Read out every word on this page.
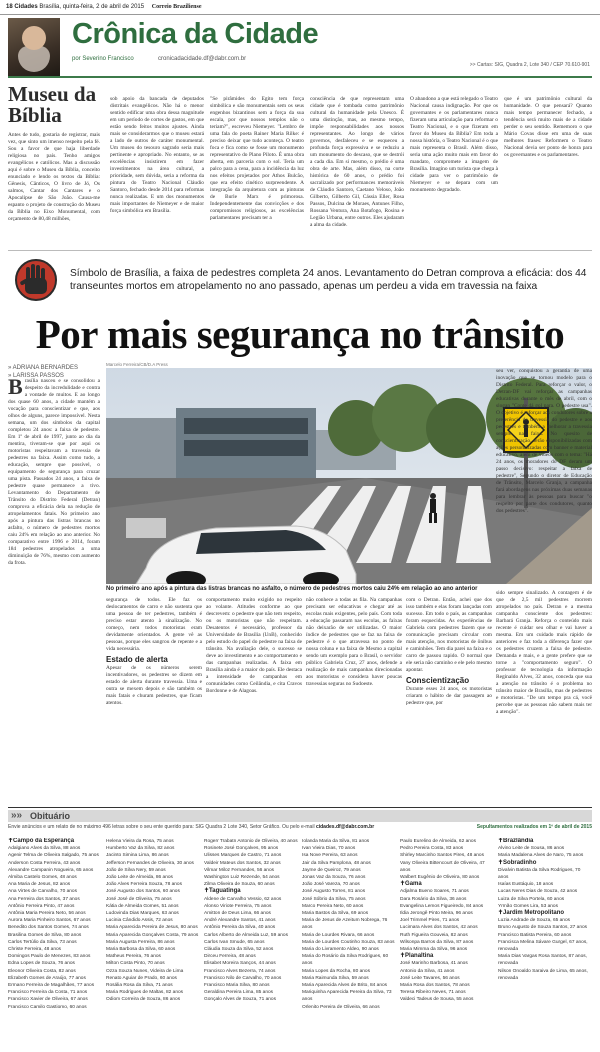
18 Cidades Brasília, quinta-feira, 2 de abril de 2015 Correio Braziliense
Crônica da Cidade
por Severino Francisco	cronicadacidade.df@dabr.com.br
>> Cartas: SIG, Quadra 2, Lote 340 / CEP 70.610-901
Museu da Bíblia
Antes de tudo, gostaria de registrar, mais vez, que sinto um imenso respeito pela fé. Sou a favor de que haja liberdade religiosa no país. Tenho amigos evangélicos e católicos. Mas a discussão aqui é sobre o Museu da Bíblia, conceito enunciado e lendo os textos da Bíblia: Gênesis, Cânticos, O livro de Jó, Os salmos, Cantar dos Cantares e o Apocalipse de São João. Causa-me espanto o projeto de construção do Museu da Bíblia no Eixo Monumental, com orçamento de 80,48 milhões,
sob apoio da bancada de deputados distritais evangélicos. Não há o menor sentido edificar uma obra dessa magnitude em um período de cortes de gastos, em que estão sendo feitos muitos ajustes. Ainda mais se considerarmos que o museu estará a lado de outros de caráter monumental. Um museu do tesouro sagrado seria mais pertinente e apropriado. No entanto, se as excelências insistirem em fazer investimentos na área cultural, a prioridade, sem dúvida, seria a reforma da pintura do Teatro Nacional Cláudio Santoro, fechado desde 2014 para reformas nunca realizadas. E um dos monumentos mais importantes de Niemeyer e de maior força simbólica em Brasília.
"Se pirâmides do Egito tem força simbólica e são monumentais sem os seus engenhos bizantinos sem a força da sua escala, por que nossos templos não o teriam?", escreveu Niemeyer. "Lembro de uma fala do poeta Rainer Maria Rilke: é preciso deixar que tudo aconteça. O teatro foca e fica como se fosse um monumento representativo do Plano Piloto. É uma obra aberta, em parceria com o sol. Teria um palco para a cena, para a incidência da luz nos efeitos projetados por Athos Bulcão, que era efeito cinético surpreendente. A integração da arquitetura com as pinturas de Burle Marx é primorosa. Independentemente das convicções e dos compromissos religiosos, as excelências parlamentares precisam ter a
consciência de que representam uma cidade que é tombada como patrimônio cultural da humanidade pela Unesco. É uma distinção, mas, ao mesmo tempo, impõe responsabilidades aos nossos representantes. Ao longo de vários governos, desfaleceu e se esqueceu a profunda força expressiva e se reduziu a um monumento do descaso, que se destrói a cada dia. Em si mesmo, o prédio é uma obra de arte. Mas, além disso, na corte histórica de 60 anos, o prédio foi sacralizado por performances memoráveis de Cláudio Santoro, Caetano Veloso, João Gilberto, Gilberto Gil, Cássia Eller, Rosa Passos, Dulcina de Moraes, Antunes Filho, Rossana Ventura, Ana Botafogo, Rosina e Legião Urbana, entre outros. Eles ajudaram a alma da cidade.
O abandono a que está relegado o Teatro Nacional causa indignação. Por que os governantes e os parlamentares nunca fizeram uma articulação para reformar o Teatro Nacional, e o que fizeram em favor do Museu da Bíblia? Em toda a nossa história, o Teatro Nacional é o que mais representa o Brasil. Além disso, seria uma ação muito mais em favor do mandato, compromete a imagem de Brasília. Imagino um turista que chega à cidade para ver o patrimônio de Niemeyer e se depara com um monumento degradado.
que é um patrimônio cultural da humanidade. O que pensará? Quanto mais tempo permanecer fechado, a tendência será muito mais de a cidade perder o seu sentido. Rememoro o que Mário Covas disse em uma de suas melhores frases: Reformem o Teatro Nacional devia ser ponto de honra para os governantes e os parlamentares.
Símbolo de Brasília, a faixa de pedestres completa 24 anos. Levantamento do Detran comprova a eficácia: dos 44 transeuntes mortos em atropelamento no ano passado, apenas um perdeu a vida em travessia na faixa
Por mais segurança no trânsito
» ADRIANA BERNARDES
» LARISSA PASSOS
Brasília nasceu e se consolidou a despeito da incredulidade e contra a vontade de muitos. E ao longo dos quase 60 anos, a cidade mantém a vocação para conscientizar e que, aos olhos de alguns, parece impossível. Nesta semana, um dos símbolos da capital completou 24 anos: a faixa de pedestre. Em 1º de abril de 1997, junto ao dia da mentira, tiveram-se que por aqui os motoristas respeitavam a travessia de pedestres na faixa. Assim como tudo, a educação, sempre que possível, o equipamento de segurança para cruzar uma pista. Passados 24 anos, a faixa de pedestre quase permanece a tivo. Levantamento do Departamento de Trânsito do Distrito Federal (Detran) comprova a eficácia dela na redução de atropelamentos fatais. No primeiro ano após a pintura das listras brancas no asfalto, o número de pedestres mortos caiu 24% em relação ao ano anterior. No comparativo entre 1996 e 2014, foram 184 pedestres atropelados a uma diminuição de 76%, mesmo com aumento da frota.
Marcelo Ferreira/CB/D.A Press
No primeiro ano após a pintura das listras brancas no asfalto, o número de pedestres mortos caiu 24% em relação ao ano anterior
seu ver, conquistou a gerantia de uma inovação que se tornou modelo para o Distrito Federal. Para reforçar o valor, o Detran-DF vai reforçar as campanhas educativas durante o mês de abril, com o slogan "Conte dá gol para. O pedestre usa". O objetivo é reforçar aos condutores sobre a preferência de travessia do pedestre e aos pedestres e também a melhorar a travessia sempre na faixa. No quesito de conscientização, serão disponibilizadas com ações personalizadas com banner e material educativo, além de vídeos com o tema: "Há 24 anos, os moradores do DF deram um passo decisivo: respeitar a faixa de pedestre", Segundo o diretor de Educação de Trânsito, Marcelo Granja, a campanha fará abordagens nas próximas duas semanas para lembrar às pessoas para buscar "o respeito por parte dos condutores, quanto dos pedestres".
segurança de todos. Ele faz os deslocamentos de carro e não sustenta que uma pessoa de ter pedestres, também é preciso estar atento à sinalização. No começo, nem todos motoristas eram devidamente orientados. A gente vê as pessoas, porque eles sangrou de repente e a vida necessária.
Estado de alerta
Apesar de os números serem incentivadores, os pedestres se dizem em estado de alerta durante travessia. Uma e outra se mexem depois e são também os mais fatais e churam pedestres, que ficam atentos.
comportamento muito exigido no respeito ao volante. Atitudes conforme ao que descrevem: o pedestre que não tem respeito, ou os motoristas que não respeitam. Desatentos é necessário, professor da Universidade de Brasília (UnB), conhecido pelo estudo do papel do pedestre na faixa de trânsito. Na avaliação dele, o sucesso se deve ao investimento e ao comportamento e das campanhas realizadas. A faixa em Brasília ainda é a maior do país. Ele destaca a intensidade de campanhas em comunidades como Ceilândia, e cita Cravos Bordonne e de Alagoas.
não conhece a todas as fila. Na campanhas precisam ser educativas e chegar até as escolas mais exigentes, pelo país. Com toda a educação passaram nas escolas, as faixas não deixarão de ser utilizadas. O maior índice de pedestres que se faz na faixa de pedestre é o que atravessa no ponto de nossa coluna e na faixa de Mesmo a capital sendo um exemplo para o Brasil, o servidor público Gabriela Cruz, 27 anos, defende a realização de mais campanhas direcionadas aos motoristas e considera haver poucas travessias seguras no Sudoeste.
com o Detran. Então, achei que dos isso também e elas foram lançadas com sucesso. Em todo o país, as campanhas foram esquecidas. As experiências de Gabriela com pedestres fazem que se comunicação precisam circular com mais atenção, nos motoristas de ônibus e caminhões. Tem dia parei na faixa e o carro de passou rapido. O normal que ele seria não caminho e ele pelo mesmo apontar.
Conscientização
Durante esses 24 anos, os motoristas criaram o hábito de dar passagem ao pedestre que, por
sido sempre sinalizado. A contagem é de que de 2,5 mil pedestres morrem atropelados no país. Detran e a mesma campanha consciente dos pedestres: Barbará Granja. Reforça o conteúdo mais recente é cuidar seu olhar e vai haver a mesma. Em um cuidado mais rápido de anteriores e faz toda a diferença fazer que os pedestres cruzem a faixa de pedestre. Demanda e mais, e a gente prefere que se torne a "comportamento seguro". O professor de tecnologia da informação Reginaldo Alves, 32 anos, conceda que sua a atenção no trânsito é o problema no trânsito maior de Brasília, mas de pedestres e motoristas. "De um tempo pra cá, você percebe que as pessoas não sabem mais ter a atenção".
»» Obituário
Envie anúncios e um relato de no máximo 496 letras sobre o seu ente querido para: SIG Quadra 2 Lote 340, Setor Gráfico. Ou pelo e-mail cidades.df@dabr.com.br	Sepultamentos realizados em 1º de abril de 2015
✝ Campo da Esperança
Adalgiano Alves da Silva, 88 anos
Agenir Telma de Oliveira Salgado, 75 anos
Anderson Costa Ferreira, 43 anos
Alexandre Campanin Nogueira, 65 anos
Almiba Castelo Gomes, 48 anos
Ana Maria de Jesus, 82 anos
Ana Virtes de Carvalho, 70 anos
Ana Ferreira dos Santos, 37 anos
Antônio Ferreira Pinto, 47 anos
Antônia Maria Pereira Neto, 56 anos
Aurora Maria Pinheiro Santos, 67 anos
Benedito dos Santos Gomes, 74 anos
Brasilina Gomes de Silva, 80 anos
Carlos Tertúlio da Silva, 73 anos
Christe Ferreira, 48 anos
Domingos Paulo de Menezes, 83 anos
Edna Lopes de Souza, 76 anos
Eleonor Oliveira Costa, 82 anos
Elizabeth Gomes de Araújo, 77 anos
Ermano Ferreira de Magalhães, 77 anos
Francisco Ferreira da Costa, 71 anos
Francisco Xavier de Oliveira, 67 anos
Francisco Camilo Gastiomo, 60 anos
Helena Vieira da Rosa, 75 anos
Humberto Vaz da Silva, 82 anos
Jacinto Simina Lima, 86 anos
Jefferson Fernandes de Oliveira, 30 anos
João de Silva Nery, 59 anos
João Leite de Almeida, 86 anos
João Alves Ferreira Souza, 78 anos
José Augusto dos Santos, 60 anos
José José de Oliveira, 75 anos
Kátia de Almeida Gomes, 51 anos
Ludovinda Dias Marques, 63 anos
Lucinia Cândido Assis, 72 anos
Maria Aparecida Pereira de Jesus, 80 anos
Maria Aparecida Gonçalves Costa, 79 anos
Maria Augusta Ferreira, 86 anos
Maria Barbosa da Silva, 60 anos
Matheus Pereira, 76 anos
Milton Costa Pinto, 70 anos
Ozza Souza Nunes, Videira de Lima
Renato Aguiar de Prado, 60 anos
Rosália Rosa da Silva, 71 anos
Maria Rodrigues de Maltas, 82 anos
Odiom Correira de Souza, 86 anos
Rogerr Trabatn Antonio de Oliveira, 40 anos
Rosinete José Gonçalves, 95 anos
Ulisses Marques de Castro, 71 anos
Valdeir Mateus dos Santos, 32 anos
Vilmar Miloz Fernandes, 56 anos
Washington Luiz Rezende, 54 anos
Zilma Oliveira de Souza, 60 anos
✝ Taguatinga
Aldene de Carvalho Vessio, 62 anos
Alonso Viriote Ferreira, 75 anos
Amitton de Deus Lima, 66 anos
André Alexandre Santos, 41 anos
Antônio Pereira da Silva, 40 anos
Carlos Alberto de Almeida Luz, 59 anos
Carlos Ivan Smude, 65 anos
Cláudia Souza da Silva, 52 anos
Dirceu Ferreira, 48 anos
Elisabet Moreira Sanços, 44 anos
Francisco Alves Bezerra, 74 anos
Francisco Nilo de Carvalho, 70 anos
Francisco Maria Silva, 80 anos
Geraldina Pereira Lima, 85 anos
Gonçalo Alves de Souza, 71 anos
Iolanda Maria da Silva, 81 anos
Ivan Vieira Dias, 70 anos
Isa Nove Pereira, 63 anos
Jair da Silva Pamplona, 48 anos
Jayme de Queiroz, 79 anos
Jonas Vaz da Souza, 76 anos
João José Vareza, 70 anos
José Augusto Torres, 81 anos
José Sóbrio da Silva, 75 anos
Marco Pereira Neto, 60 anos
Maria Bastos da Silva, 69 anos
Maria de Jesus de Azeitum Nobrega, 76 anos
Maria de Lourdes Rivara, 66 anos
Maria de Lourdes Coutinho Souza, 83 anos
Maria do Livramento Aldeo, 90 anos
Maria do Rosário da Silva Rodrigues, 60 anos
Maria Lopes da Rocha, 80 anos
Maria Raimunda Silva, 59 anos
Maria Aparecida Alves de Brito, 84 anos
Mariquinha Aparecida Pereira da Silva, 73 anos
Orlenito Pereira de Oliveira, 66 anos
Paulo Eurelino de Almeida, 62 anos
Pedro Pereira Costa, 83 anos
Shirley Marcinho Santos Pires, 48 anos
Vany Oliveira Bittencourt de Oliveira, 47 anos
Walbert Eugênio de Oliveira, 80 anos
✝ Gama
Adjalma Bueno Soares, 71 anos
Dara Rosário da Silva, 36 anos
Evangelina Lemos Figueiredo, 84 anos
Ildia Jerongê Pinto Meira, 96 anos
Joel Trimmel Pires, 71 anos
Lucimara Alves dos Santos, 42 anos
Ruth Figueira Gouveia, 82 anos
Wilsonpa Barros da Silva, 87 anos
Maria Mimma da Silva, 96 anos
✝ Planaltina
José Marinho Barbosa, 41 anos
Antonio da Silva, 41 anos
José Leite Tavares, 56 anos
Maria Rosa dos Santos, 78 anos
Teresa Ribeiro Neves, 71 anos
Valdeci Tadeus de Sousa, 55 anos
✝ Brazlândia
Alvino Leite de Sousa, 86 anos
Maria Madalena Alves de Naro, 75 anos
✝ Sobradinho
Divalvin Batista da Silva Rodrigues, 70 anos
Isaías Eustáquio, 18 anos
Lucas Neres Dias de Souza, 42 anos
Luiza de Silva Portela, 60 anos
Yrmão Gomes Lira, 53 anos
✝ Jardim Metropolitano
Luzia Andrade de Souza, 65 anos
Bruno Augusto de Souza Santos, 27 anos
Francisco Batista Pereira, 60 anos
Francisca Melina Sávare Gurgel, 67 anos, renovada
Maria Dias Vargas Rosa Santos, 87 anos, renovada
Nilson Onoaldo Saraiva de Lima, 65 anos, renovada
